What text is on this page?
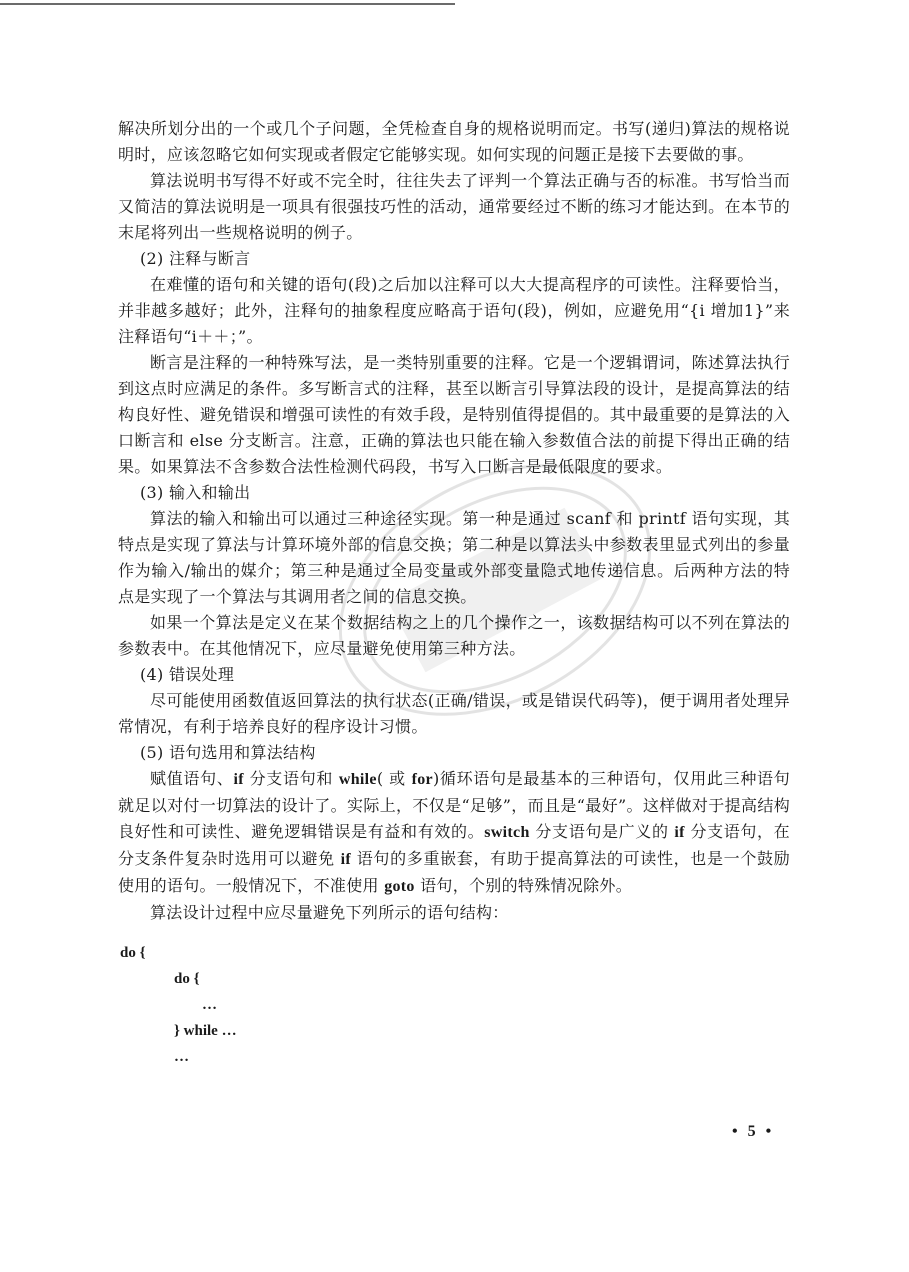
解决所划分出的一个或几个子问题，全凭检查自身的规格说明而定。书写(递归)算法的规格说明时，应该忽略它如何实现或者假定它能够实现。如何实现的问题正是接下去要做的事。

算法说明书写得不好或不完全时，往往失去了评判一个算法正确与否的标准。书写恰当而又简洁的算法说明是一项具有很强技巧性的活动，通常要经过不断的练习才能达到。在本节的末尾将列出一些规格说明的例子。

(2) 注释与断言

在难懂的语句和关键的语句(段)之后加以注释可以大大提高程序的可读性。注释要恰当，并非越多越好；此外，注释句的抽象程度应略高于语句(段)，例如，应避免用“{i 增加1}”来注释语句“i＋＋；”。

断言是注释的一种特殊写法，是一类特别重要的注释。它是一个逻辑谓词，陈述算法执行到这点时应满足的条件。多写断言式的注释，甚至以断言引导算法段的设计，是提高算法的结构良好性、避免错误和增强可读性的有效手段，是特别值得提倡的。其中最重要的是算法的入口断言和 else 分支断言。注意，正确的算法也只能在输入参数值合法的前提下得出正确的结果。如果算法不含参数合法性检测代码段，书写入口断言是最低限度的要求。

(3) 输入和输出

算法的输入和输出可以通过三种途径实现。第一种是通过 scanf 和 printf 语句实现，其特点是实现了算法与计算环境外部的信息交换；第二种是以算法头中参数表里显式列出的参量作为输入/输出的媒介；第三种是通过全局变量或外部变量隐式地传递信息。后两种方法的特点是实现了一个算法与其调用者之间的信息交换。

如果一个算法是定义在某个数据结构之上的几个操作之一，该数据结构可以不列在算法的参数表中。在其他情况下，应尽量避免使用第三种方法。

(4) 错误处理

尽可能使用函数值返回算法的执行状态(正确/错误，或是错误代码等)，便于调用者处理异常情况，有利于培养良好的程序设计习惯。

(5) 语句选用和算法结构

赋值语句、if 分支语句和 while( 或 for)循环语句是最基本的三种语句，仅用此三种语句就足以对付一切算法的设计了。实际上，不仅是“足够”，而且是“最好”。这样做对于提高结构良好性和可读性、避免逻辑错误是有益和有效的。switch 分支语句是广义的 if 分支语句，在分支条件复杂时选用可以避免 if 语句的多重嵌套，有助于提高算法的可读性，也是一个鼓励使用的语句。一般情况下，不准使用 goto 语句，个别的特殊情况除外。

算法设计过程中应尽量避免下列所示的语句结构：

do {
do {
…
} while …
…
• 5 •
